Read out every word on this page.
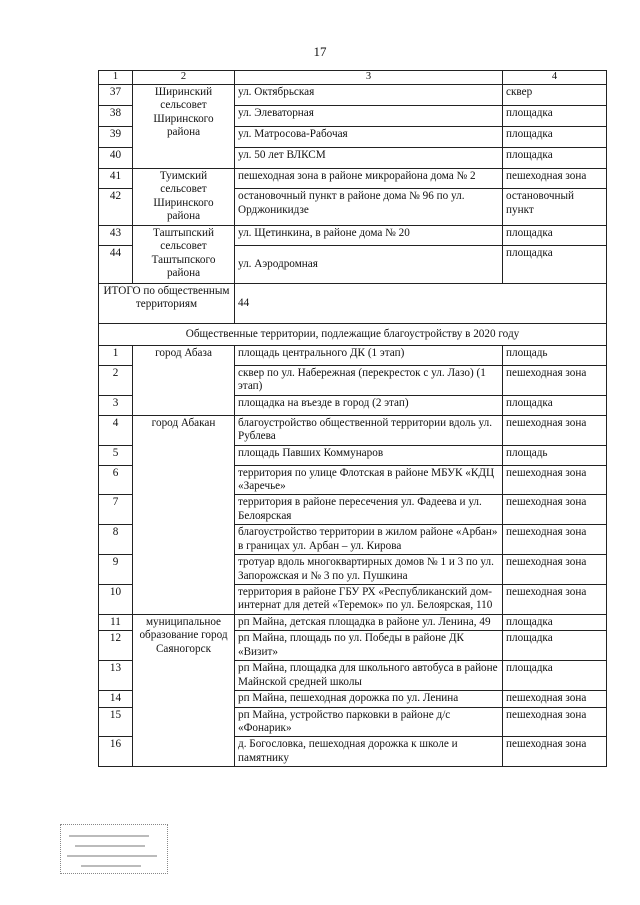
17
1	2	3	4
37	Ширинский сельсовет Ширинского района	ул. Октябрьская	сквер
38		ул. Элеваторная	площадка
39		ул. Матросова-Рабочая	площадка
40		ул. 50 лет ВЛКСМ	площадка
41	Туимский сельсовет Ширинского района	пешеходная зона в районе микрорайона дома № 2	пешеходная зона
42		остановочный пункт в районе дома № 96 по ул. Орджоникидзе	остановочный пункт
43	Таштыпский сельсовет Таштыпского района	ул. Щетинкина, в районе дома № 20	площадка
44		ул. Аэродромная	площадка
ИТОГО по общественным территориям		44	
Общественные территории, подлежащие благоустройству в 2020 году			
1	город Абаза	площадь центрального ДК (1 этап)	площадь
2		сквер по ул. Набережная (перекресток с ул. Лазо) (1 этап)	пешеходная зона
3		площадка на въезде в город (2 этап)	площадка
4	город Абакан	благоустройство общественной территории вдоль ул. Рублева	пешеходная зона
5		площадь Павших Коммунаров	площадь
6		территория по улице Флотская в районе МБУК «КДЦ «Заречье»	пешеходная зона
7		территория в районе пересечения ул. Фадеева и ул. Белоярская	пешеходная зона
8		благоустройство территории в жилом районе «Арбан» в границах ул. Арбан – ул. Кирова	пешеходная зона
9		тротуар вдоль многоквартирных домов № 1 и 3 по ул. Запорожская и № 3 по ул. Пушкина	пешеходная зона
10		территория в районе ГБУ РХ «Республиканский дом-интернат для детей «Теремок» по ул. Белоярская, 110	пешеходная зона
11	муниципальное образование город Саяногорск	рп Майна, детская площадка в районе ул. Ленина, 49	площадка
12		рп Майна, площадь по ул. Победы в районе ДК «Визит»	площадка
13		рп Майна, площадка для школьного автобуса в районе Майнской средней школы	площадка
14		рп Майна, пешеходная дорожка по ул. Ленина	пешеходная зона
15		рп Майна, устройство парковки в районе д/с «Фонарик»	пешеходная зона
16		д. Богословка, пешеходная дорожка к школе и памятнику	пешеходная зона
